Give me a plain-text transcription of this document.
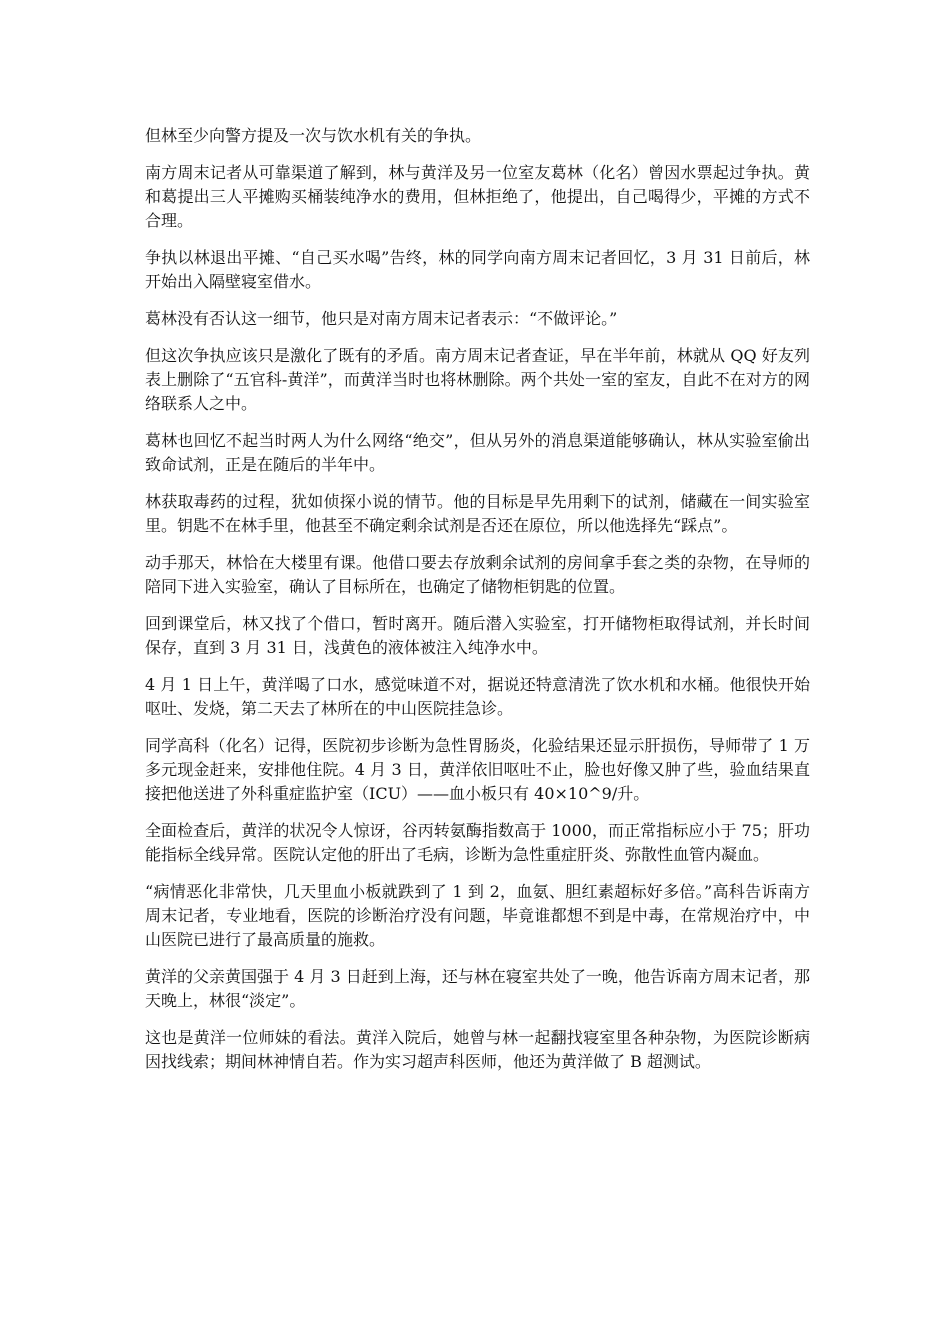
但林至少向警方提及一次与饮水机有关的争执。

南方周末记者从可靠渠道了解到，林与黄洋及另一位室友葛林（化名）曾因水票起过争执。黄和葛提出三人平摊购买桶装纯净水的费用，但林拒绝了，他提出，自己喝得少，平摊的方式不合理。

争执以林退出平摊、“自己买水喝”告终，林的同学向南方周末记者回忆，3 月 31 日前后，林开始出入隔壁寝室借水。

葛林没有否认这一细节，他只是对南方周末记者表示：“不做评论。”

但这次争执应该只是激化了既有的矛盾。南方周末记者查证，早在半年前，林就从 QQ 好友列表上删除了“五官科-黄洋”，而黄洋当时也将林删除。两个共处一室的室友，自此不在对方的网络联系人之中。

葛林也回忆不起当时两人为什么网络“绝交”，但从另外的消息渠道能够确认，林从实验室偷出致命试剂，正是在随后的半年中。

林获取毒药的过程，犹如侦探小说的情节。他的目标是早先用剩下的试剂，储藏在一间实验室里。钥匙不在林手里，他甚至不确定剩余试剂是否还在原位，所以他选择先“踩点”。

动手那天，林恰在大楼里有课。他借口要去存放剩余试剂的房间拿手套之类的杂物，在导师的陪同下进入实验室，确认了目标所在，也确定了储物柜钥匙的位置。

回到课堂后，林又找了个借口，暂时离开。随后潜入实验室，打开储物柜取得试剂，并长时间保存，直到 3 月 31 日，浅黄色的液体被注入纯净水中。

4 月 1 日上午，黄洋喝了口水，感觉味道不对，据说还特意清洗了饮水机和水桶。他很快开始呕吐、发烧，第二天去了林所在的中山医院挂急诊。

同学高科（化名）记得，医院初步诊断为急性胃肠炎，化验结果还显示肝损伤，导师带了 1 万多元现金赶来，安排他住院。4 月 3 日，黄洋依旧呕吐不止，脸也好像又肿了些，验血结果直接把他送进了外科重症监护室（ICU）——血小板只有 40×10^9/升。

全面检查后，黄洋的状况令人惊讶，谷丙转氨酶指数高于 1000，而正常指标应小于 75；肝功能指标全线异常。医院认定他的肝出了毛病，诊断为急性重症肝炎、弥散性血管内凝血。

“病情恶化非常快，几天里血小板就跌到了 1 到 2，血氨、胆红素超标好多倍。”高科告诉南方周末记者，专业地看，医院的诊断治疗没有问题，毕竟谁都想不到是中毒，在常规治疗中，中山医院已进行了最高质量的施救。

黄洋的父亲黄国强于 4 月 3 日赶到上海，还与林在寝室共处了一晚，他告诉南方周末记者，那天晚上，林很“淡定”。

这也是黄洋一位师妹的看法。黄洋入院后，她曾与林一起翻找寝室里各种杂物，为医院诊断病因找线索；期间林神情自若。作为实习超声科医师，他还为黄洋做了 B 超测试。
